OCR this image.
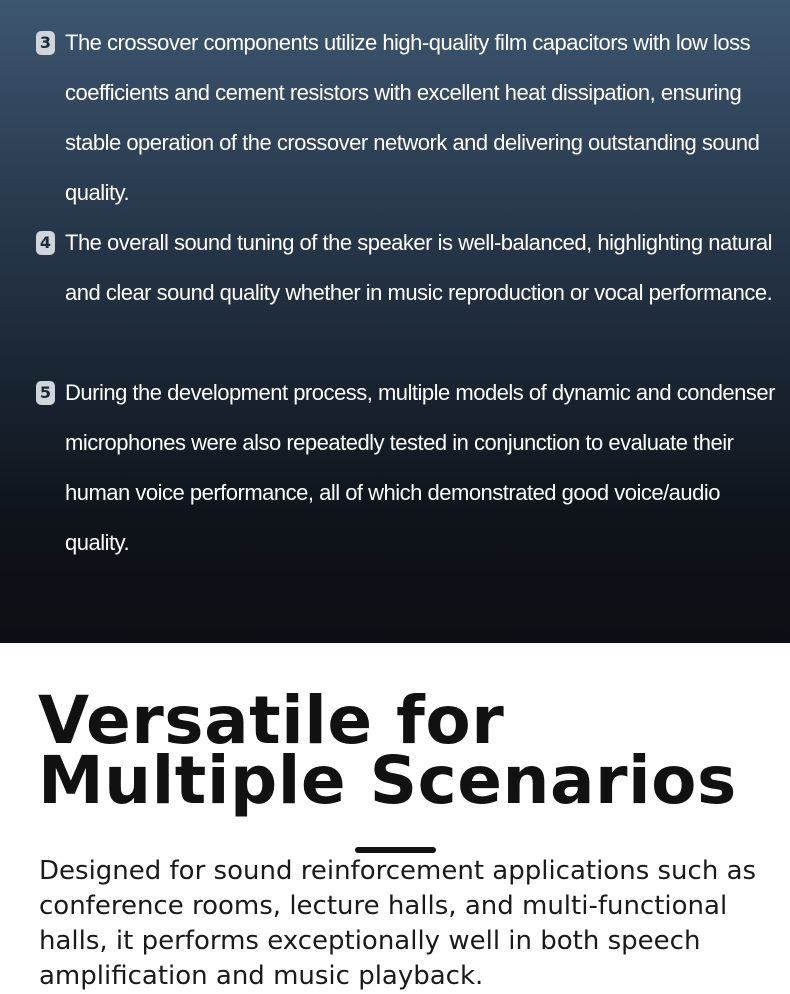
3 The crossover components utilize high-quality film capacitors with low loss coefficients and cement resistors with excellent heat dissipation, ensuring stable operation of the crossover network and delivering outstanding sound quality.

4 The overall sound tuning of the speaker is well-balanced, highlighting natural and clear sound quality whether in music reproduction or vocal performance.

5 During the development process, multiple models of dynamic and condenser microphones were also repeatedly tested in conjunction to evaluate their human voice performance, all of which demonstrated good voice/audio quality.

Versatile for
Multiple Scenarios

Designed for sound reinforcement applications such as conference rooms, lecture halls, and multi-functional halls, it performs exceptionally well in both speech amplification and music playback.
